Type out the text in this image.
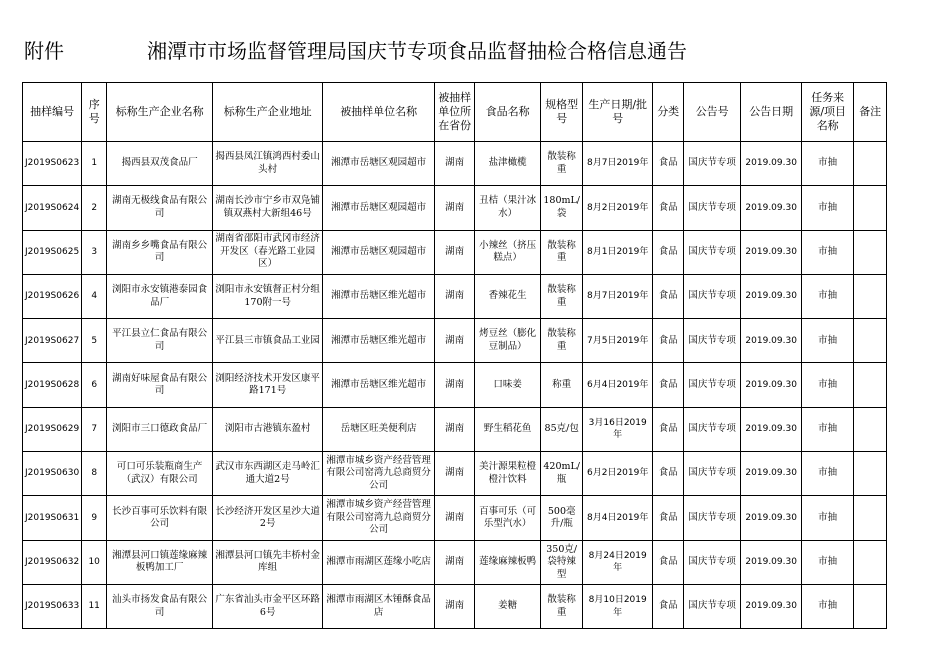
附件	湘潭市市场监督管理局国庆节专项食品监督抽检合格信息通告
抽样编号	序号	标称生产企业名称	标称生产企业地址	被抽样单位名称	被抽样单位所在省份	食品名称	规格型号	生产日期/批号	分类	公告号	公告日期	任务来源/项目名称	备注
J2019S0623	1	揭西县双茂食品厂	揭西县凤江镇鸿西村委山头村	湘潭市岳塘区观园超市	湖南	盐津橄榄	散装称重	8月7日2019年	食品	国庆节专项	2019.09.30	市抽	
J2019S0624	2	湖南无极线食品有限公司	湖南长沙市宁乡市双凫铺镇双燕村大新组46号	湘潭市岳塘区观园超市	湖南	丑桔（果汁冰水）	180mL/袋	8月2日2019年	食品	国庆节专项	2019.09.30	市抽	
J2019S0625	3	湖南乡乡嘴食品有限公司	湖南省邵阳市武冈市经济开发区（春光路工业园区）	湘潭市岳塘区观园超市	湖南	小辣丝（挤压糕点）	散装称重	8月1日2019年	食品	国庆节专项	2019.09.30	市抽	
J2019S0626	4	浏阳市永安镇港泰园食品厂	浏阳市永安镇督正村分组170附一号	湘潭市岳塘区维光超市	湖南	香辣花生	散装称重	8月7日2019年	食品	国庆节专项	2019.09.30	市抽	
J2019S0627	5	平江县立仁食品有限公司	平江县三市镇食品工业园	湘潭市岳塘区维光超市	湖南	烤豆丝（膨化豆制品）	散装称重	7月5日2019年	食品	国庆节专项	2019.09.30	市抽	
J2019S0628	6	湖南好味屋食品有限公司	浏阳经济技术开发区康平路171号	湘潭市岳塘区维光超市	湖南	口味姜	称重	6月4日2019年	食品	国庆节专项	2019.09.30	市抽	
J2019S0629	7	浏阳市三口德政食品厂	浏阳市古港镇东盈村	岳塘区旺美便利店	湖南	野生稻花鱼	85克/包	3月16日2019年	食品	国庆节专项	2019.09.30	市抽	
J2019S0630	8	可口可乐装瓶商生产（武汉）有限公司	武汉市东西湖区走马岭汇通大道2号	湘潭市城乡资产经营管理有限公司窑湾九总商贸分公司	湖南	美汁源果粒橙橙汁饮料	420mL/瓶	6月2日2019年	食品	国庆节专项	2019.09.30	市抽	
J2019S0631	9	长沙百事可乐饮料有限公司	长沙经济开发区星沙大道2号	湘潭市城乡资产经营管理有限公司窑湾九总商贸分公司	湖南	百事可乐（可乐型汽水）	500毫升/瓶	8月4日2019年	食品	国庆节专项	2019.09.30	市抽	
J2019S0632	10	湘潭县河口镇莲缘麻辣板鸭加工厂	湘潭县河口镇先丰桥村金库组	湘潭市雨湖区莲缘小吃店	湖南	莲缘麻辣板鸭	350克/袋特辣型	8月24日2019年	食品	国庆节专项	2019.09.30	市抽	
J2019S0633	11	汕头市扬发食品有限公司	广东省汕头市金平区环路6号	湘潭市雨湖区木锤酥食品店	湖南	姜糖	散装称重	8月10日2019年	食品	国庆节专项	2019.09.30	市抽	
